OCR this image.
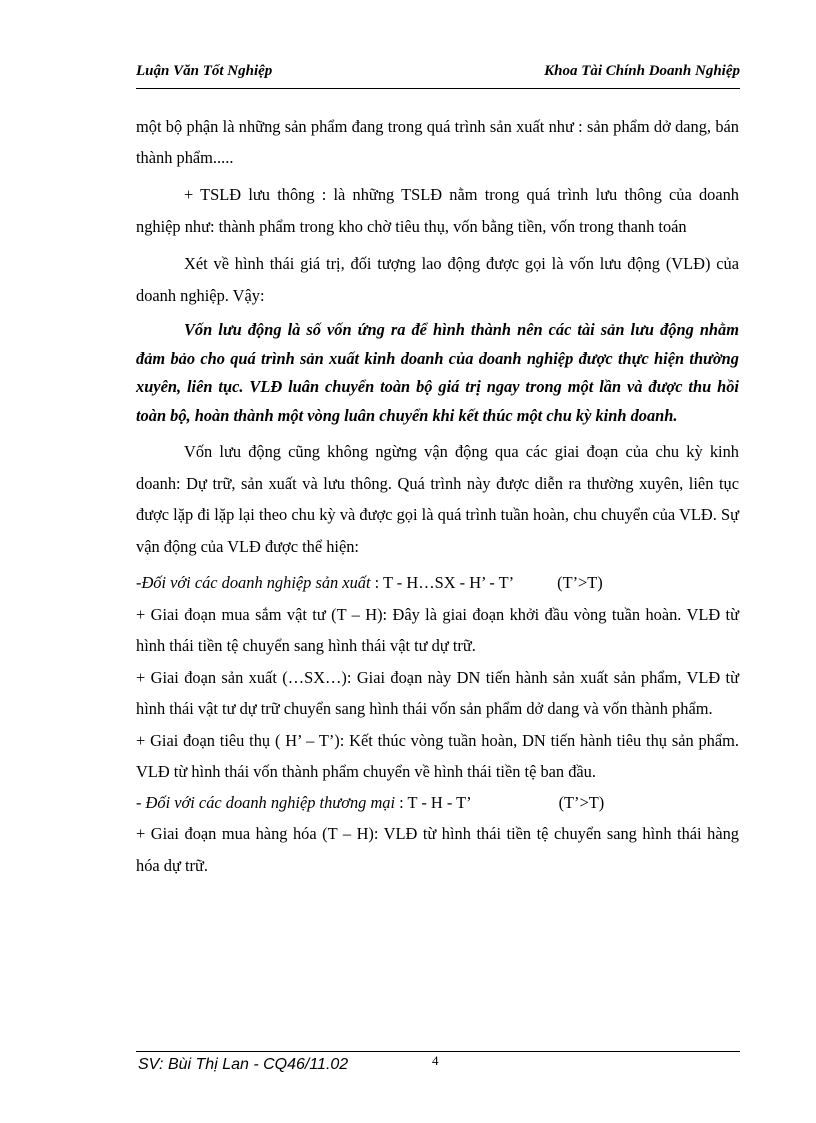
Luận Văn Tốt Nghiệp	Khoa Tài Chính Doanh Nghiệp

một bộ phận là những sản phẩm đang trong quá trình sản xuất như : sản phẩm dở dang, bán thành phẩm.....

+ TSLĐ lưu thông : là những TSLĐ nằm trong quá trình lưu thông của doanh nghiệp như: thành phẩm trong kho chờ tiêu thụ, vốn bằng tiền, vốn trong thanh toán

Xét về hình thái giá trị, đối tượng lao động được gọi là vốn lưu động (VLĐ) của doanh nghiệp. Vậy:

Vốn lưu động là số vốn ứng ra để hình thành nên các tài sản lưu động nhằm đảm bảo cho quá trình sản xuất kinh doanh của doanh nghiệp được thực hiện thường xuyên, liên tục. VLĐ luân chuyển toàn bộ giá trị ngay trong một lần và được thu hồi toàn bộ, hoàn thành một vòng luân chuyển khi kết thúc một chu kỳ kinh doanh.

Vốn lưu động cũng không ngừng vận động qua các giai đoạn của chu kỳ kinh doanh: Dự trữ, sản xuất và lưu thông. Quá trình này được diễn ra thường xuyên, liên tục được lặp đi lặp lại theo chu kỳ và được gọi là quá trình tuần hoàn, chu chuyển của VLĐ. Sự vận động của VLĐ được thể hiện:

-Đối với các doanh nghiệp sản xuất : T - H…SX - H’ - T’	(T’>T)

+ Giai đoạn mua sắm vật tư (T – H): Đây là giai đoạn khởi đầu vòng tuần hoàn. VLĐ từ hình thái tiền tệ chuyển sang hình thái vật tư dự trữ.

+ Giai đoạn sản xuất (…SX…): Giai đoạn này DN tiến hành sản xuất sản phẩm, VLĐ từ hình thái vật tư dự trữ chuyển sang hình thái vốn sản phẩm dở dang và vốn thành phẩm.

+ Giai đoạn tiêu thụ ( H’ – T’): Kết thúc vòng tuần hoàn, DN tiến hành tiêu thụ sản phẩm. VLĐ từ hình thái vốn thành phẩm chuyển về hình thái tiền tệ ban đầu.

- Đối với các doanh nghiệp thương mại : T - H - T’	(T’>T)

+ Giai đoạn mua hàng hóa (T – H): VLĐ từ hình thái tiền tệ chuyển sang hình thái hàng hóa dự trữ.

SV: Bùi Thị Lan - CQ46/11.02	4
